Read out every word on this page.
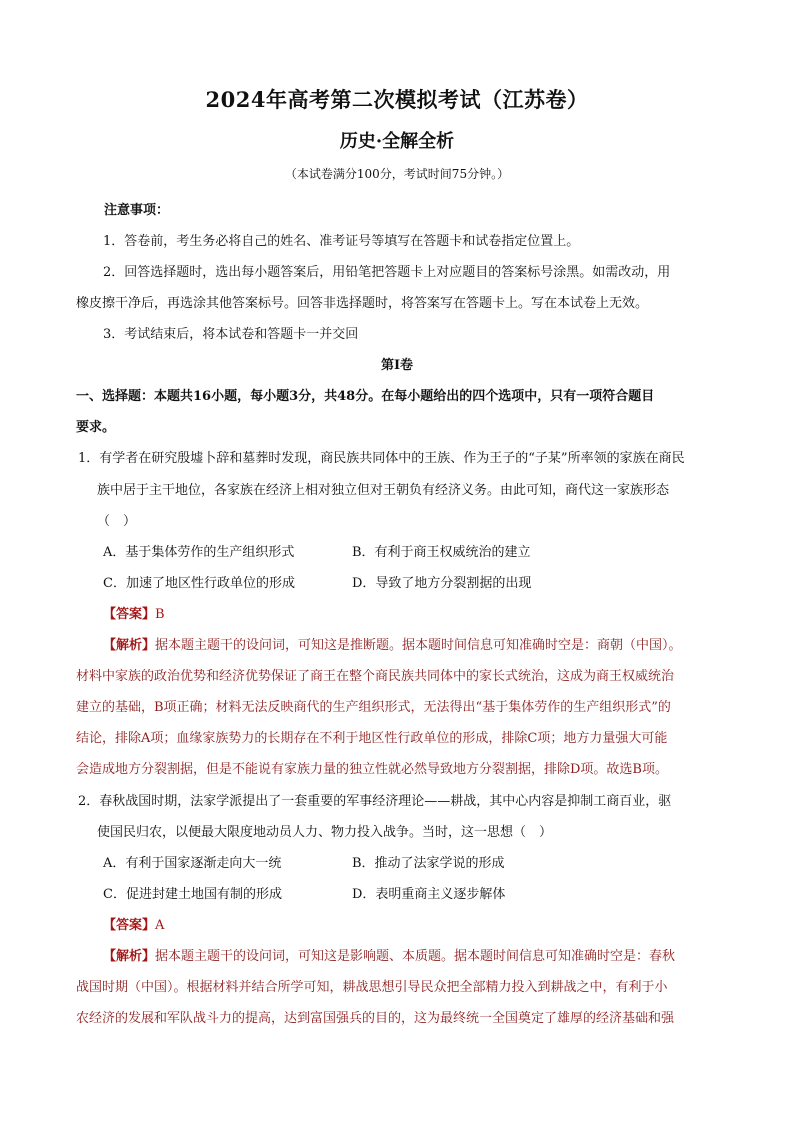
2024年高考第二次模拟考试（江苏卷）
历史·全解全析
（本试卷满分100分，考试时间75分钟。）
注意事项：
1．答卷前，考生务必将自己的姓名、准考证号等填写在答题卡和试卷指定位置上。
2．回答选择题时，选出每小题答案后，用铅笔把答题卡上对应题目的答案标号涂黑。如需改动，用
橡皮擦干净后，再选涂其他答案标号。回答非选择题时，将答案写在答题卡上。写在本试卷上无效。
3．考试结束后，将本试卷和答题卡一并交回
第I卷
一、选择题：本题共16小题，每小题3分，共48分。在每小题给出的四个选项中，只有一项符合题目
要求。
1．有学者在研究殷墟卜辞和墓葬时发现，商民族共同体中的王族、作为王子的“子某”所率领的家族在商民
族中居于主干地位，各家族在经济上相对独立但对王朝负有经济义务。由此可知，商代这一家族形态
（　）
A．基于集体劳作的生产组织形式	B．有利于商王权威统治的建立
C．加速了地区性行政单位的形成	D．导致了地方分裂割据的出现
【答案】B
【解析】据本题主题干的设问词，可知这是推断题。据本题时间信息可知准确时空是：商朝（中国）。
材料中家族的政治优势和经济优势保证了商王在整个商民族共同体中的家长式统治，这成为商王权威统治
建立的基础，B项正确；材料无法反映商代的生产组织形式，无法得出“基于集体劳作的生产组织形式”的
结论，排除A项；血缘家族势力的长期存在不利于地区性行政单位的形成，排除C项；地方力量强大可能
会造成地方分裂割据，但是不能说有家族力量的独立性就必然导致地方分裂割据，排除D项。故选B项。
2．春秋战国时期，法家学派提出了一套重要的军事经济理论——耕战，其中心内容是抑制工商百业，驱
使国民归农，以便最大限度地动员人力、物力投入战争。当时，这一思想（　）
A．有利于国家逐渐走向大一统	B．推动了法家学说的形成
C．促进封建土地国有制的形成	D．表明重商主义逐步解体
【答案】A
【解析】据本题主题干的设问词，可知这是影响题、本质题。据本题时间信息可知准确时空是：春秋
战国时期（中国）。根据材料并结合所学可知，耕战思想引导民众把全部精力投入到耕战之中，有利于小
农经济的发展和军队战斗力的提高，达到富国强兵的目的，这为最终统一全国奠定了雄厚的经济基础和强
